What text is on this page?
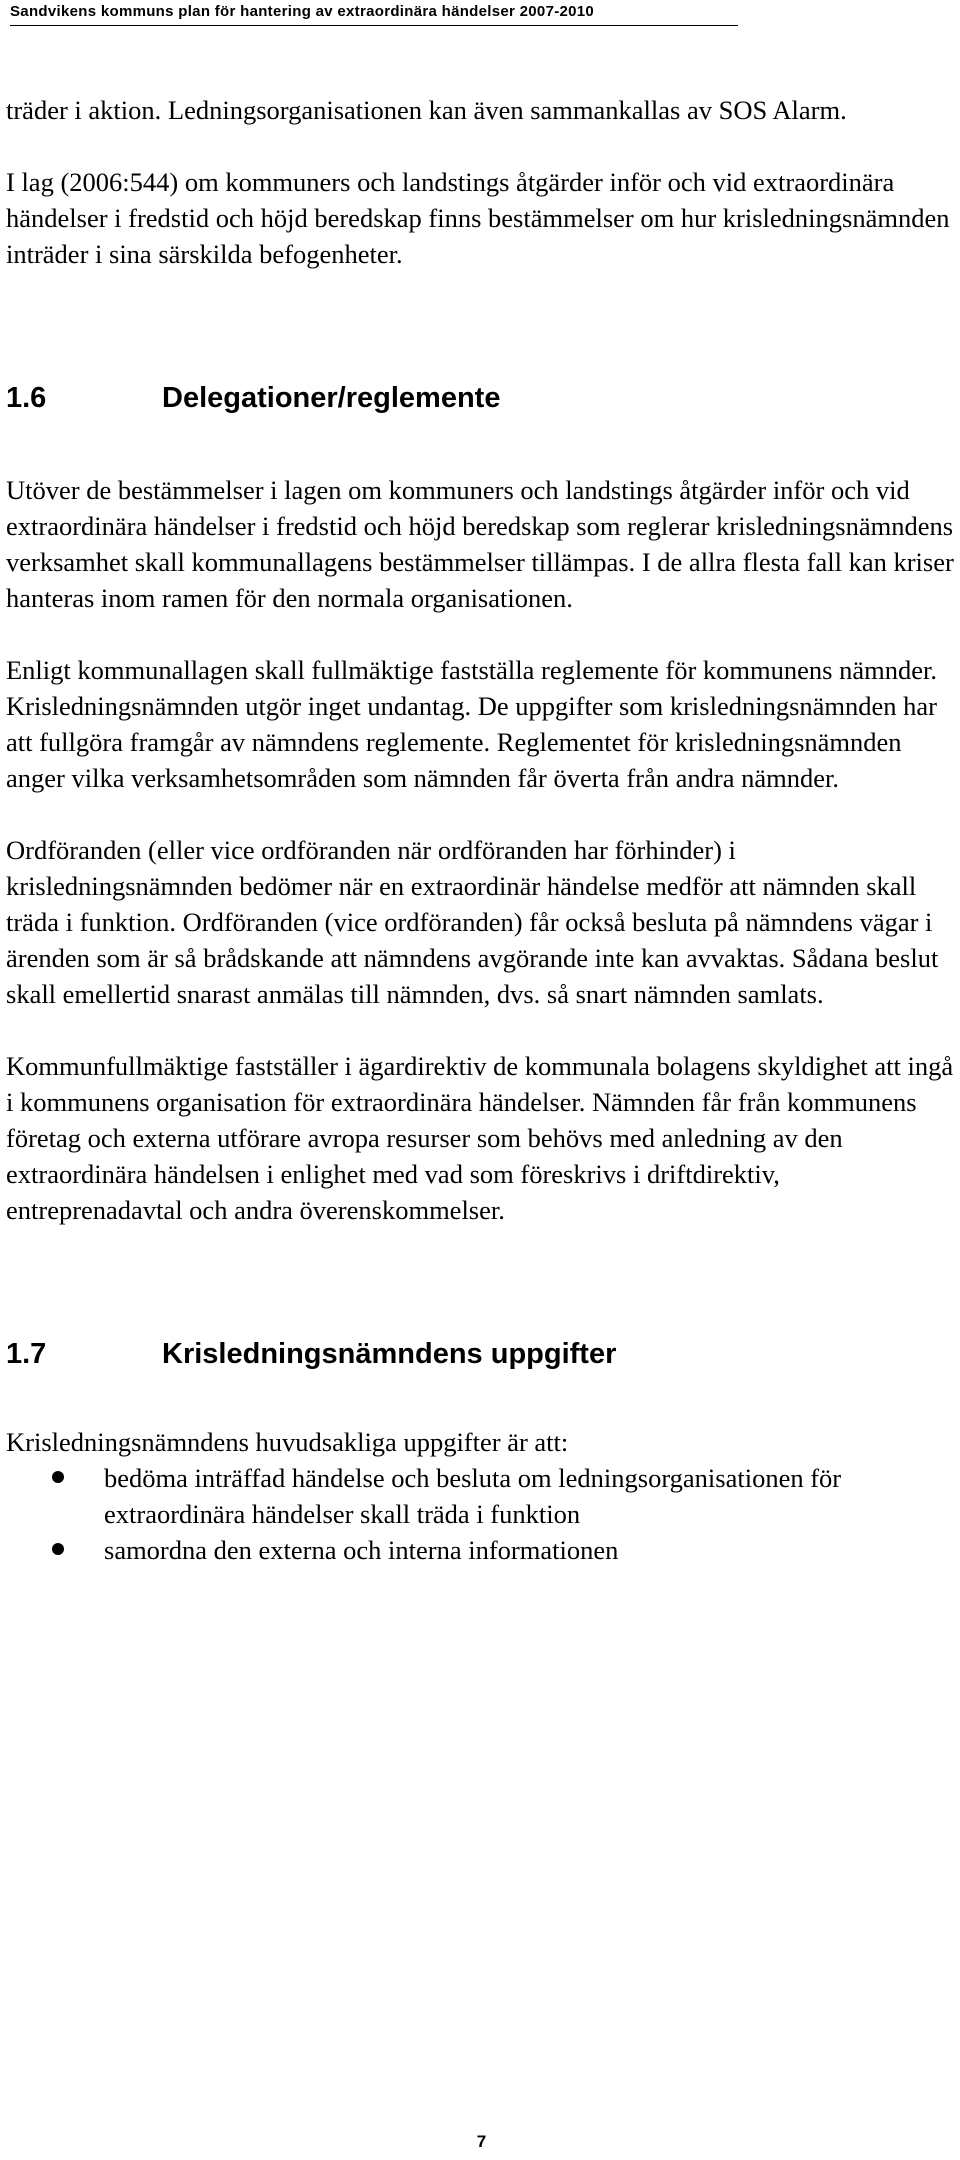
Sandvikens kommuns plan för hantering av extraordinära händelser 2007-2010

träder i aktion. Ledningsorganisationen kan även sammankallas av SOS Alarm.

I lag (2006:544) om kommuners och landstings åtgärder inför och vid extraordinära händelser i fredstid och höjd beredskap finns bestämmelser om hur krisledningsnämnden inträder i sina särskilda befogenheter.

1.6	Delegationer/reglemente

Utöver de bestämmelser i lagen om kommuners och landstings åtgärder inför och vid extraordinära händelser i fredstid och höjd beredskap som reglerar krisledningsnämndens verksamhet skall kommunallagens bestämmelser tillämpas. I de allra flesta fall kan kriser hanteras inom ramen för den normala organisationen.

Enligt kommunallagen skall fullmäktige fastställa reglemente för kommunens nämnder. Krisledningsnämnden utgör inget undantag. De uppgifter som krisledningsnämnden har att fullgöra framgår av nämndens reglemente. Reglementet för krisledningsnämnden anger vilka verksamhetsområden som nämnden får överta från andra nämnder.

Ordföranden (eller vice ordföranden när ordföranden har förhinder) i krisledningsnämnden bedömer när en extraordinär händelse medför att nämnden skall träda i funktion. Ordföranden (vice ordföranden) får också besluta på nämndens vägar i ärenden som är så brådskande att nämndens avgörande inte kan avvaktas. Sådana beslut skall emellertid snarast anmälas till nämnden, dvs. så snart nämnden samlats.

Kommunfullmäktige fastställer i ägardirektiv de kommunala bolagens skyldighet att ingå i kommunens organisation för extraordinära händelser. Nämnden får från kommunens företag och externa utförare avropa resurser som behövs med anledning av den extraordinära händelsen i enlighet med vad som föreskrivs i driftdirektiv, entreprenadavtal och andra överenskommelser.

1.7	Krisledningsnämndens uppgifter

Krisledningsnämndens huvudsakliga uppgifter är att:

bedöma inträffad händelse och besluta om ledningsorganisationen för extraordinära händelser skall träda i funktion
samordna den externa och interna informationen
7
